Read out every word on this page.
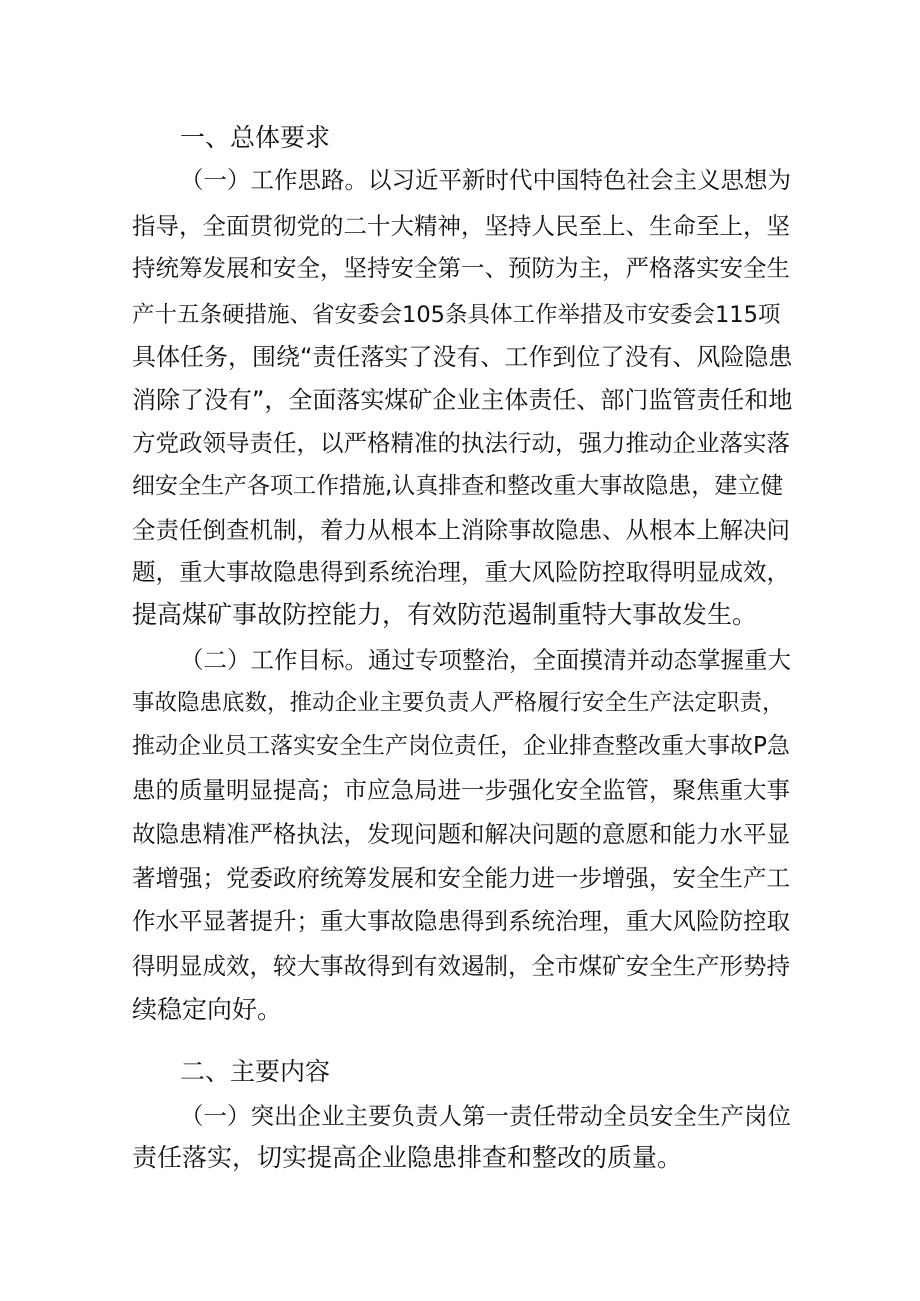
一、总体要求
（一）工作思路。以习近平新时代中国特色社会主义思想为
指导，全面贯彻党的二十大精神，坚持人民至上、生命至上，坚
持统筹发展和安全，坚持安全第一、预防为主，严格落实安全生
产十五条硬措施、省安委会105条具体工作举措及市安委会115项
具体任务，围绕“责任落实了没有、工作到位了没有、风险隐患
消除了没有”，全面落实煤矿企业主体责任、部门监管责任和地
方党政领导责任，以严格精准的执法行动，强力推动企业落实落
细安全生产各项工作措施,认真排查和整改重大事故隐患，建立健
全责任倒查机制，着力从根本上消除事故隐患、从根本上解决问
题，重大事故隐患得到系统治理，重大风险防控取得明显成效，
提高煤矿事故防控能力，有效防范遏制重特大事故发生。
（二）工作目标。通过专项整治，全面摸清并动态掌握重大
事故隐患底数，推动企业主要负责人严格履行安全生产法定职责，
推动企业员工落实安全生产岗位责任，企业排查整改重大事故P急
患的质量明显提高；市应急局进一步强化安全监管，聚焦重大事
故隐患精准严格执法，发现问题和解决问题的意愿和能力水平显
著增强；党委政府统筹发展和安全能力进一步增强，安全生产工
作水平显著提升；重大事故隐患得到系统治理，重大风险防控取
得明显成效，较大事故得到有效遏制，全市煤矿安全生产形势持
续稳定向好。
二、主要内容
（一）突出企业主要负责人第一责任带动全员安全生产岗位
责任落实，切实提高企业隐患排查和整改的质量。
